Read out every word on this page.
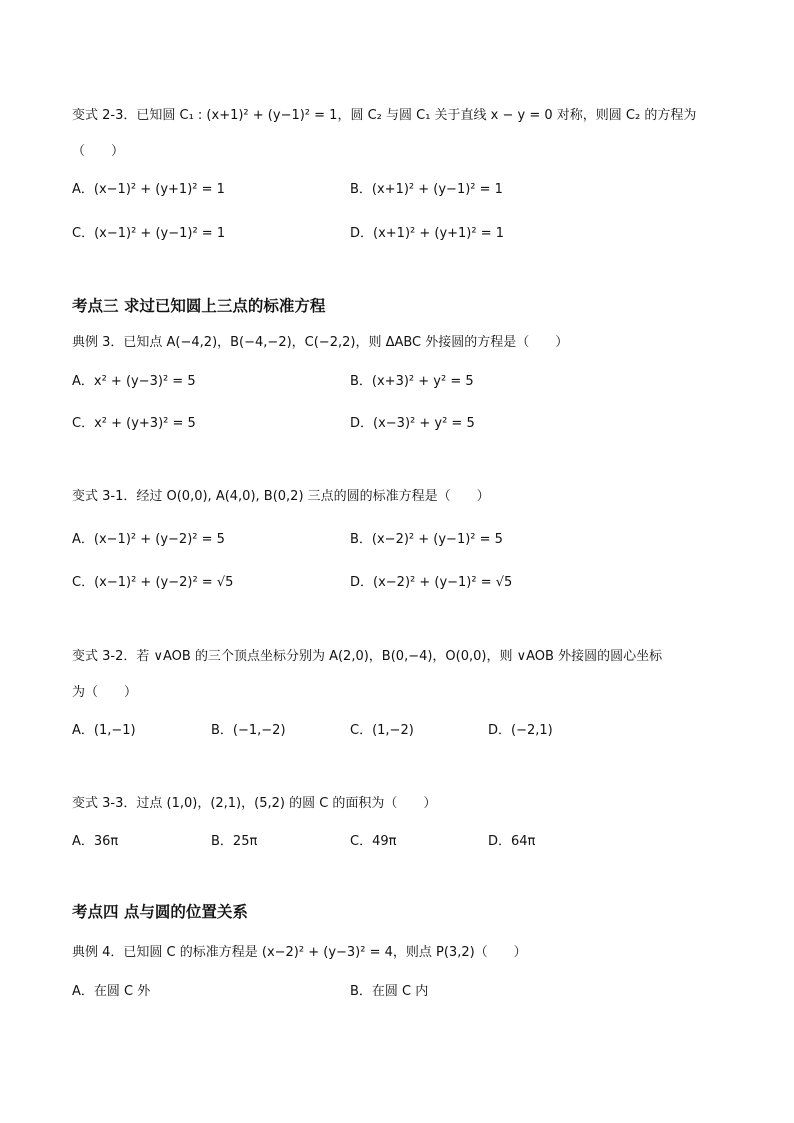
变式 2-3．已知圆 C₁ : (x+1)² + (y−1)² = 1，圆 C₂ 与圆 C₁ 关于直线 x − y = 0 对称，则圆 C₂ 的方程为
（　　）
A．(x−1)² + (y+1)² = 1	B．(x+1)² + (y−1)² = 1
C．(x−1)² + (y−1)² = 1	D．(x+1)² + (y+1)² = 1
考点三 求过已知圆上三点的标准方程
典例 3．已知点 A(−4,2)，B(−4,−2)，C(−2,2)，则 ΔABC 外接圆的方程是（　　）
A．x² + (y−3)² = 5	B．(x+3)² + y² = 5
C．x² + (y+3)² = 5	D．(x−3)² + y² = 5
变式 3-1．经过 O(0,0), A(4,0), B(0,2) 三点的圆的标准方程是（　　）
A．(x−1)² + (y−2)² = 5	B．(x−2)² + (y−1)² = 5
C．(x−1)² + (y−2)² = √5	D．(x−2)² + (y−1)² = √5
变式 3-2．若 ∨AOB 的三个顶点坐标分别为 A(2,0)，B(0,−4)，O(0,0)，则 ∨AOB 外接圆的圆心坐标
为（　　）
A．(1,−1)	B．(−1,−2)	C．(1,−2)	D．(−2,1)
变式 3-3．过点 (1,0)，(2,1)，(5,2) 的圆 C 的面积为（　　）
A．36π	B．25π	C．49π	D．64π
考点四 点与圆的位置关系
典例 4．已知圆 C 的标准方程是 (x−2)² + (y−3)² = 4，则点 P(3,2)（　　）
A．在圆 C 外	B．在圆 C 内
